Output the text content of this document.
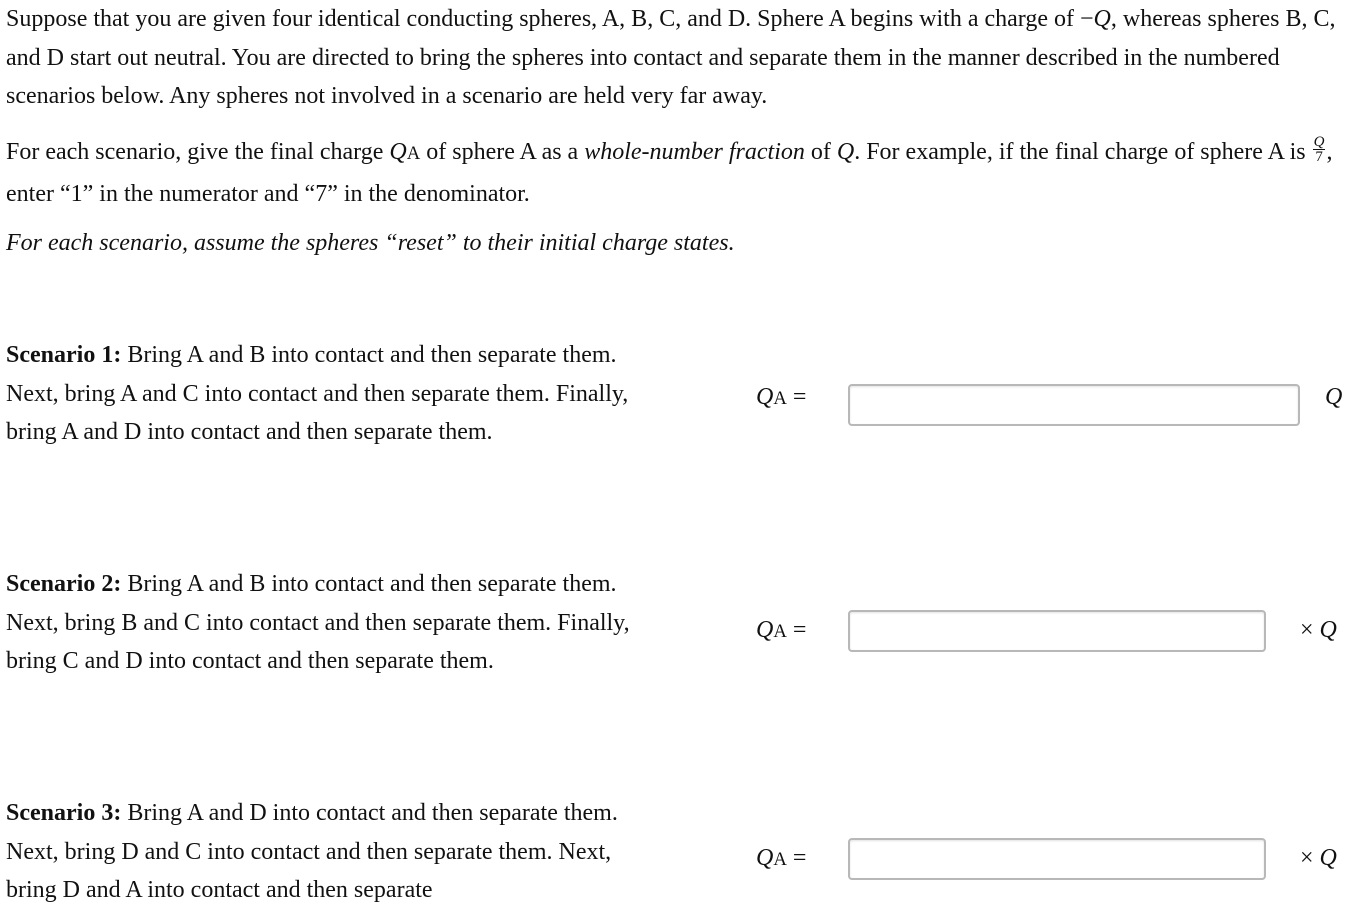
Suppose that you are given four identical conducting spheres, A, B, C, and D. Sphere A begins with a charge of −Q, whereas spheres B, C, and D start out neutral. You are directed to bring the spheres into contact and separate them in the manner described in the numbered scenarios below. Any spheres not involved in a scenario are held very far away.

For each scenario, give the final charge QA of sphere A as a whole-number fraction of Q. For example, if the final charge of sphere A is $\frac{Q}{7}$ , enter “1” in the numerator and “7” in the denominator.

For each scenario, assume the spheres “reset” to their initial charge states.

Scenario 1: Bring A and B into contact and then separate them. Next, bring A and C into contact and then separate them. Finally, bring A and D into contact and then separate them.
QA =	Q
Scenario 2: Bring A and B into contact and then separate them. Next, bring B and C into contact and then separate them. Finally, bring C and D into contact and then separate them.
QA =	× Q
Scenario 3: Bring A and D into contact and then separate them. Next, bring D and C into contact and then separate them. Next, bring D and A into contact and then separate
QA =	× Q
